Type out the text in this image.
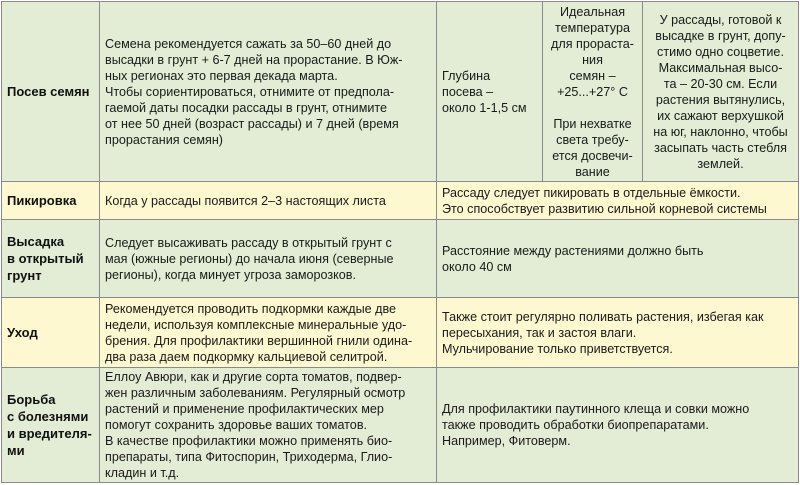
Посев семян
Семена рекомендуется сажать за 50–60 дней до
высадки в грунт + 6-7 дней на прорастание. В Юж-
ных регионах это первая декада марта.
Чтобы сориентироваться, отнимите от предпола-
гаемой даты посадки рассады в грунт, отнимите
от нее 50 дней (возраст рассады) и 7 дней (время
прорастания семян)
Глубина
посева –
около 1-1,5 см
Идеальная
температура
для прораста-
ния
семян –
+25...+27° С

При нехватке
света требу-
ется досвечи-
вание
У рассады, готовой к
высадке в грунт, допу-
стимо одно соцветие.
Максимальная высо-
та – 20-30 см. Если
растения вытянулись,
их сажают верхушкой
на юг, наклонно, чтобы
засыпать часть стебля
землей.
Пикировка Когда у рассады появится 2–3 настоящих листа
Рассаду следует пикировать в отдельные ёмкости.
Это способствует развитию сильной корневой системы
Высадка
в открытый
грунт
Следует высаживать рассаду в открытый грунт с
мая (южные регионы) до начала июня (северные
регионы), когда минует угроза заморозков.
Расстояние между растениями должно быть
около 40 см
Уход
Рекомендуется проводить подкормки каждые две
недели, используя комплексные минеральные удо-
брения. Для профилактики вершинной гнили одина-
два раза даем подкормку кальциевой селитрой.
Также стоит регулярно поливать растения, избегая как
пересыхания, так и застоя влаги.
Мульчирование только приветствуется.
Борьба
с болезнями
и вредителя-
ми
Еллоу Авюри, как и другие сорта томатов, подвер-
жен различным заболеваниям. Регулярный осмотр
растений и применение профилактических мер
помогут сохранить здоровье ваших томатов.
В качестве профилактики можно применять био-
препараты, типа Фитоспорин, Триходерма, Глио-
кладин и т.д.
Для профилактики паутинного клеща и совки можно
также проводить обработки биопрепаратами.
Например, Фитоверм.
